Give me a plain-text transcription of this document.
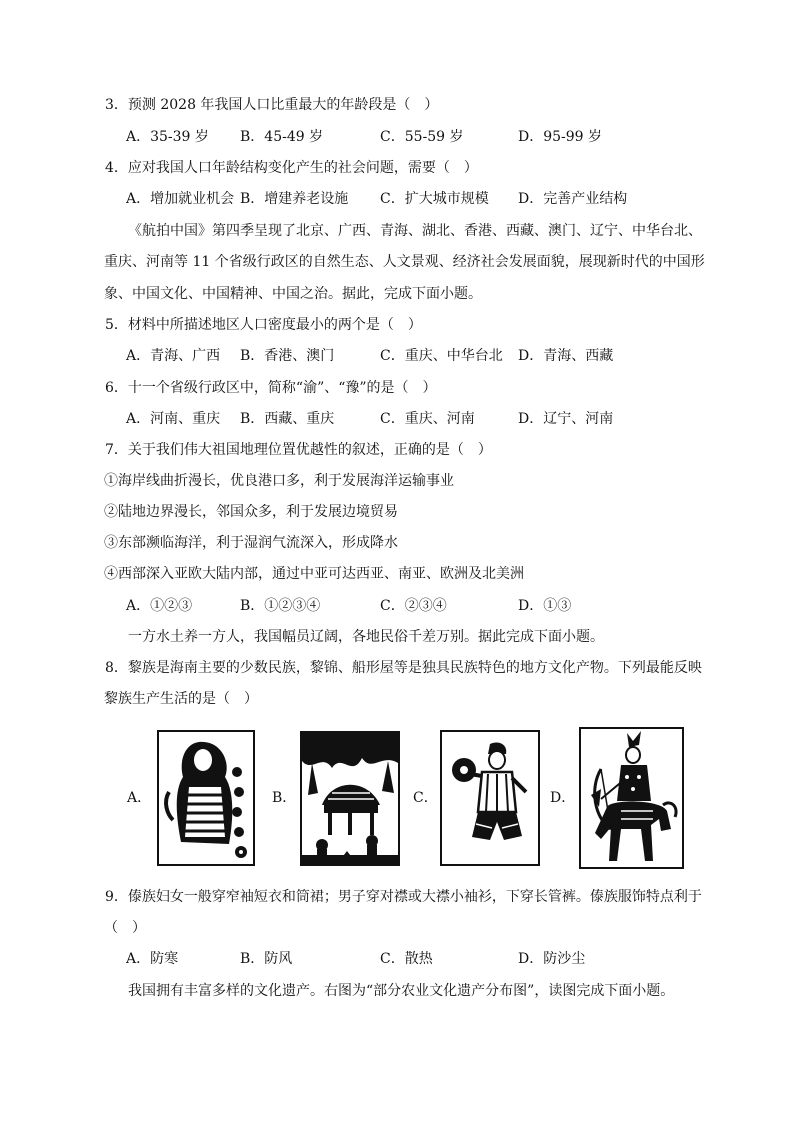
3．预测 2028 年我国人口比重最大的年龄段是（　）
A．35-39 岁 B．45-49 岁	C．55-59 岁	D．95-99 岁
4．应对我国人口年龄结构变化产生的社会问题，需要（　）
A．增加就业机会 B．增建养老设施 C．扩大城市规模 D．完善产业结构
《航拍中国》第四季呈现了北京、广西、青海、湖北、香港、西藏、澳门、辽宁、中华台北、
重庆、河南等 11 个省级行政区的自然生态、人文景观、经济社会发展面貌，展现新时代的中国形
象、中国文化、中国精神、中国之治。据此，完成下面小题。
5．材料中所描述地区人口密度最小的两个是（　）
A．青海、广西 B．香港、澳门	C．重庆、中华台北 D．青海、西藏
6．十一个省级行政区中，简称“渝”、“豫”的是（　）
A．河南、重庆 B．西藏、重庆	C．重庆、河南	D．辽宁、河南
7．关于我们伟大祖国地理位置优越性的叙述，正确的是（　）
①海岸线曲折漫长，优良港口多，利于发展海洋运输事业
②陆地边界漫长，邻国众多，利于发展边境贸易
③东部濒临海洋，利于湿润气流深入，形成降水
④西部深入亚欧大陆内部，通过中亚可达西亚、南亚、欧洲及北美洲
A．①②③	B．①②③④	C．②③④	D．①③
一方水土养一方人，我国幅员辽阔，各地民俗千差万别。据此完成下面小题。
8．黎族是海南主要的少数民族，黎锦、船形屋等是独具民族特色的地方文化产物。下列最能反映
黎族生产生活的是（　）
A．	B．	C．	D．
9．傣族妇女一般穿窄袖短衣和筒裙；男子穿对襟或大襟小袖衫，下穿长管裤。傣族服饰特点利于
（　）
A．防寒	B．防风	C．散热	D．防沙尘
我国拥有丰富多样的文化遗产。右图为“部分农业文化遗产分布图”，读图完成下面小题。
